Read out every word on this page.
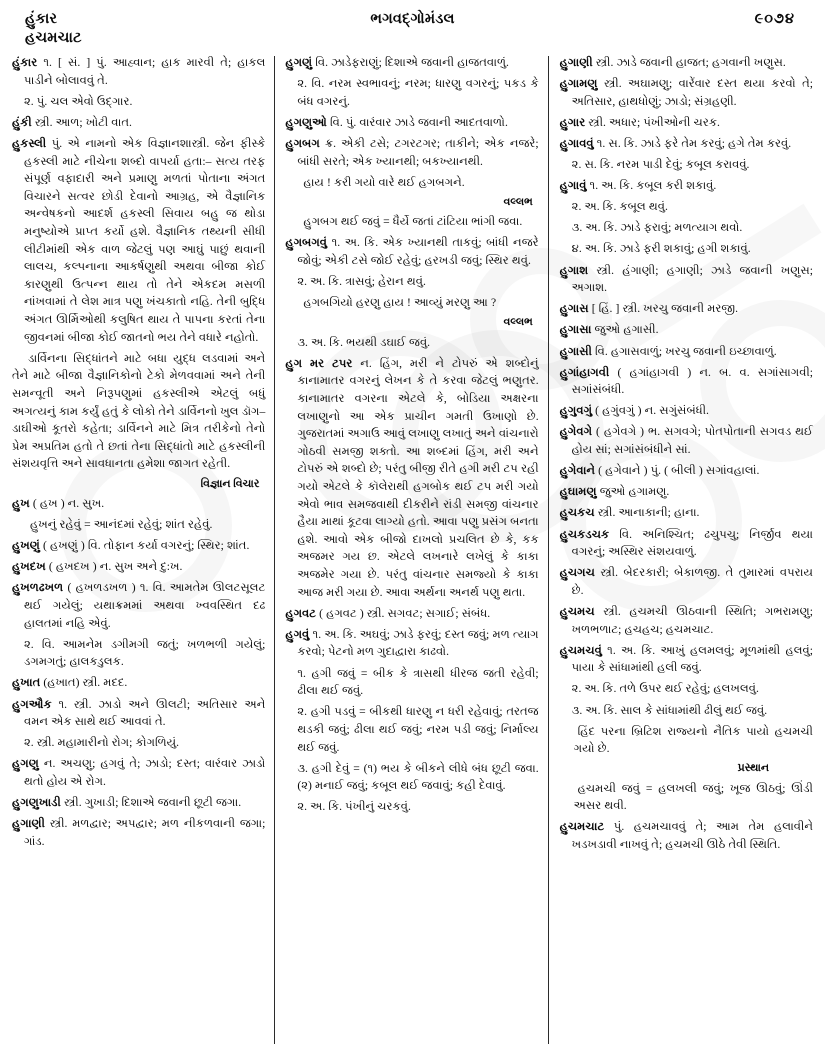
હુંકાર
હચમચાટ
ભગવદ્ગોમંડલ	૯૦૭૪

હુંકાર ૧. [ સં. ] પું. આહ્વાન; હાક મારવી તે; હાકલ પાડીને બોલાવવું તે.

૨. પું. ચલ એવો ઉદ્‌ગાર.

હુંકી સ્ત્રી. આળ; ખોટી વાત.

હુકસ્લી પું. એ નામનો એક વિજ્ઞાનશાસ્ત્રી. જેન ફીસ્કે હકસ્લી માટે નીચેના શબ્દો વાપર્યા હતા:– સત્ય તરફ સંપૂર્ણ વફાદારી અને પ્રમાણુ મળતાં પોતાના અંગત વિચારને સત્વર છોડી દેવાનો આગ્રહ, એ વૈજ્ઞાનિક અન્વેષકનો આદર્શ હકસ્લી સિવાય બહુ જ થોડા મનુષ્યોએ પ્રાપ્ત કર્યો હશે. વૈજ્ઞાનિક તથ્યની સીધી લીટીમાંથી એક વાળ જેટલું પણ આઘું પાછું થવાની લાલચ, કલ્પનાના આકર્ષણુથી અથવા બીજા કોઈ કારણુથી ઉત્પન્ન થાય તો તેને એકદમ મસળી નાંખવામાં તે લેશ માત્ર પણુ ખંચકાતો નહિ. તેની બુદ્ધિ અંગત ઊર્મિઓથી કલુષિત થાય તે પાપના કરતાં તેના જીવનમાં બીજા કોઈ જાતનો ભય તેને વધારે નહોતો.

ડાર્વિનના સિદ્ધાંતને માટે બધા યુદ્ધ લડવામાં અને તેને માટે બીજા વૈજ્ઞાનિકોનો ટેકો મેળવવામાં અને તેની સમન્વૂતી અને નિરૂપણુમાં હકસ્લીએ એટલું બધું અગત્યનું કામ કર્યું હતું કે લોકો તેને ડાર્વિનનો ખુલ ડૉગ–ડાઘીઓ કૂતરો કહેતા; ડાર્વિનને માટે મિત્ર તરીકેનો તેનો પ્રેમ અપ્રતિમ હતો તે છતાં તેના સિદ્ધાંતો માટે હકસ્લીની સંશયવૃત્તિ અને સાવધાનતા હમેશા જાગત રહેતી.

વિજ્ઞાન વિચાર

હુખ ( હખ ) ન. સુખ.

હુખનું રહેવું = આનંદમાં રહેવું; શાંત રહેવું.

હુખણું ( હખણું ) વિ. તોફાન કર્યા વગરનું; સ્થિર; શાંત.

હુખદખ ( હખદખ ) ન. સુખ અને દુ:ખ.

હુખળઢખળ ( હખળડખળ ) ૧. વિ. આમતેમ ઊલટસૂલટ થઈ ગયેલું; યથાક્રમમાં અથવા ખ્વવસ્થિત દઢ હાલતમાં નહિ એવું.

૨. વિ. આમનેમ ડગીમગી જતું; ખળભળી ગયેલું; ડગમગતું; હાલકડુલક.

હુખાત (હખાત) સ્ત્રી. મદદ.

હુગઔક ૧. સ્ત્રી. ઝાડો અને ઊલટી; અતિસાર અને વમન એક સાથે થઈ આવવાં તે.

૨. સ્ત્રી. મહામારીનો રોગ; કોગળિયું.

હુગણુ ન. અચણુ; હગવું તે; ઝાડો; દસ્ત; વારંવાર ઝાડો થતો હોય એ રોગ.

હુગણુખાડી સ્ત્રી. ગુખાડી; દિશાએ જવાની છૂટી જગા.

હુગાણી સ્ત્રી. મળદ્વાર; અપદ્વાર; મળ નીકળવાની જગા; ગાંડ.

હુગણું વિ. ઝાડેફરાણું; દિશાએ જવાની હાજતવાળું.

૨. વિ. નરમ સ્વભાવનું; નરમ; ધારણુ વગરનું; પકડ કે બંધ વગરનું.

હુગણુઓ વિ. પું. વારંવાર ઝાડે જવાની આદતવાળો.

હુગબગ ક્ર. એકી ટસે; ટગરટગર; તાકીને; એક નજરે; બાંધી સરતે; એક ખ્યાનથી; બકખ્યાનથી.

હાય ! કરી ગયો વારે થઈ હગબગને.

વલ્લભ

હુગબગ થઈ જવું = ધૈર્યે જતાં ટાંટિયા ભાંગી જવા.

હુગબગવું ૧. અ. કિ. એક ખ્યાનથી તાકવું; બાંધી નજરે જોવું; એકી ટસે જોઈ રહેવું; હરખડી જવું; સ્થિર થવું.

૨. અ. કિ. ત્રાસવું; હેરાન થવું.

હગબગિયો હરણુ હાય ! આવ્યું મરણુ આ ?

વલ્લભ

૩. અ. કિ. ભયથી ડઘાઈ જવું.

હુગ મર ટપર ન. હિંગ, મરી ને ટોપરું એ શબ્દોનું કાનામાતર વગરનું લેખન કે તે કરવા જેટલું ભણુતર. કાનામાતર વગરના એટલે કે, બોડિયા અક્ષરના લખાણુનો આ એક પ્રાચીન ગમતી ઉખાણો છે. ગુજરાતમાં અગાઉ આવું લખાણુ લખાતું અને વાંચનારો ગોઠવી સમજી શક્તો. આ શબ્દમાં હિંગ, મરી અને ટોપરું એ શબ્દો છે; પરંતુ બીજી રીતે હગી મરી ટપ રહી ગયો એટલે કે કૉલેરાથી હગબોક થઈ ટપ મરી ગયો એવો ભાવ સમજવાથી દીકરીને રાંડી સમજી વાંચનાર હૈયા માથાં કૂટવા લાગ્યો હતો. આવા પણુ પ્રસંગ બનતા હશે. આવો એક બીજો દાખલો પ્રચલિત છે કે, કક અજમર ગય છ. એટલે લખનારે લખેલું કે કાકા અજમેર ગયા છે. પરંતુ વાંચનાર સમજ્યો કે કાકા આજ મરી ગયા છે. આવા અર્થના અનર્થ પણુ થતા.

હુગવટ ( હગવટ ) સ્ત્રી. સગવટ; સગાઈ; સંબંધ.

હુગવું ૧. અ. કિ. અઘવું; ઝાડે ફરવું; દસ્ત જવું; મળ ત્યાગ કરવો; પેટનો મળ ગુદાદ્વારા કાઢવો.

૧. હગી જવું = બીક કે ત્રાસથી ધીરજ જતી રહેવી; ઢીલા થઈ જવું.

૨. હગી પડવું = બીકથી ધારણુ ન ધરી રહેવાવું; તરતજ થડકી જવું; ઢીલા થઈ જવું; નરમ પડી જવું; નિર્માલ્ય થઈ જવું.

૩. હગી દેવું = (૧) ભય કે બીકને લીધે બંધ છૂટી જવા. (૨) મનાઈ જવું; કબૂલ થઈ જવાવું; કહી દેવાવું.

૨. અ. કિ. પંખીનું ચરકવું.

હુગાણી સ્ત્રી. ઝાડે જવાની હાજત; હગવાની ખણુસ.

હુગામણુ સ્ત્રી. અઘામણુ; વારેંવાર દસ્ત થયા કરવો તે; અતિસાર, હાથધોણું; ઝાડો; સંગ્રહણી.

હુગાર સ્ત્રી. અધાર; પંખીઓની ચરક.

હુગાવવું ૧. સ. કિ. ઝાડે ફરે તેમ કરવું; હગે તેમ કરવું.

૨. સ. કિ. નરમ પાડી દેવું; કબૂલ કરાવવું.

હુગાવું ૧. અ. કિ. કબૂલ કરી શકાવું.

૨. અ. કિ. કબૂલ થવું.

૩. અ. કિ. ઝાડે ફરાવું; મળત્યાગ થવો.

૪. અ. કિ. ઝાડે ફરી શકાવું; હગી શકાવું.

હુગાશ સ્ત્રી. હંગાણી; હગાણી; ઝાડે જવાની ખણુસ; અગાશ.

હુગાસ [ હિં. ] સ્ત્રી. ખરચુ જવાની મરજી.

હુગાસા જુઓ હગાસી.

હુગાસી વિ. હગાસવાળું; ખરચુ જવાની ઇચ્છાવાળું.

હુગાંહાગવી ( હગાંહાગવી ) ન. બ. વ. સગાંસાગવી; સગાંસંબંધી.

હુગુવગું ( હગુંવગું ) ન. સગુંસંબંધી.

હુગેવગે ( હગેવગે ) ભ. સગવગે; પોતપોતાની સગવડ થઈ હોય સાં; સગાંસંબંધીને સાં.

હુગેવાને ( હગેવાને ) પું. ( બીલી ) સગાંવહાલાં.

હુઘામણુ જુઓ હગામણુ.

હુચકચ સ્ત્રી. આનાકાની; હાના.

હુચકડચક વિ. અનિશ્ચિત; ઢચુપચુ; નિર્જીવ થયા વગરનું; અસ્થિર સંશયવાળું.

હુચગચ સ્ત્રી. બેદરકારી; બેકાળજી. તે તુમારમાં વપરાય છે.

હુચમચ સ્ત્રી. હચમચી ઊઠવાની સ્થિતિ; ગભરામણુ; ખળભળાટ; હચહચ; હચમચાટ.

હુચમચવું ૧. અ. કિ. આખું હલમલવું; મૂળમાંથી હલવું; પાયા કે સાંધામાંથી હલી જવું.

૨. અ. કિ. તળે ઉપર થઈ રહેવું; હલખલવું.

૩. અ. કિ. સાલ કે સાંધામાંથી ઢીલું થઈ જવું.

હિંદ પરના બ્રિટિશ રાજ્યનો નૈતિક પાયો હચમચી ગયો છે.

પ્રસ્થાન

હચમચી જવું = હલખલી જવું; ખૂજ ઊઠવું; ઊંડી અસર થવી.

હુચમચાટ પું. હચમચાવવું તે; આમ તેમ હલાવીને ખડખડાવી નાખવું તે; હચમચી ઊઠે તેવી સ્થિતિ.
